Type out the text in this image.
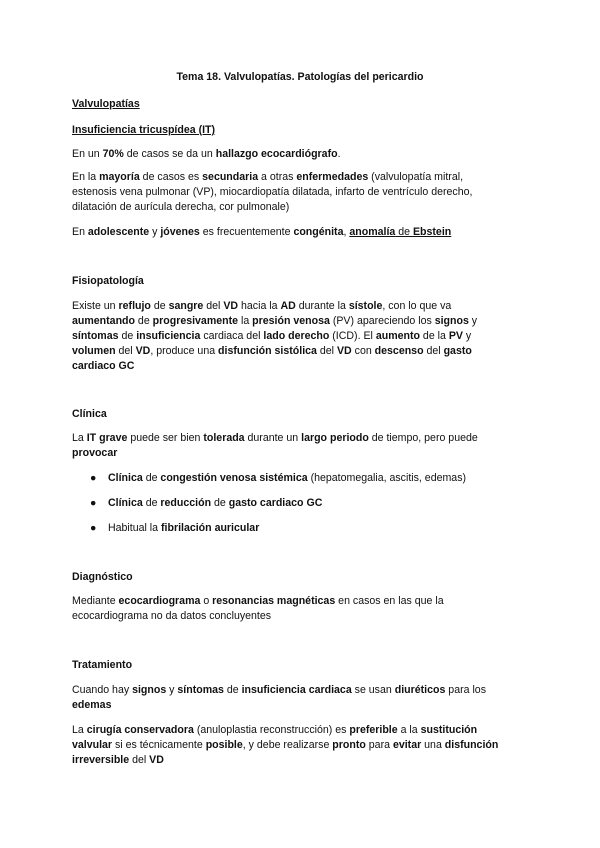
Tema 18. Valvulopatías. Patologías del pericardio
Valvulopatías
Insuficiencia tricuspídea (IT)

En un 70% de casos se da un hallazgo ecocardiógrafo.

En la mayoría de casos es secundaria a otras enfermedades (valvulopatía mitral, estenosis vena pulmonar (VP), miocardiopatía dilatada, infarto de ventrículo derecho, dilatación de aurícula derecha, cor pulmonale)

En adolescente y jóvenes es frecuentemente congénita, anomalía de Ebstein

Fisiopatología

Existe un reflujo de sangre del VD hacia la AD durante la sístole, con lo que va aumentando de progresivamente la presión venosa (PV) apareciendo los signos y síntomas de insuficiencia cardiaca del lado derecho (ICD). El aumento de la PV y volumen del VD, produce una disfunción sistólica del VD con descenso del gasto cardiaco GC

Clínica

La IT grave puede ser bien tolerada durante un largo periodo de tiempo, pero puede provocar

● Clínica de congestión venosa sistémica (hepatomegalia, ascitis, edemas)
● Clínica de reducción de gasto cardiaco GC
● Habitual la fibrilación auricular
Diagnóstico

Mediante ecocardiograma o resonancias magnéticas en casos en las que la ecocardiograma no da datos concluyentes

Tratamiento

Cuando hay signos y síntomas de insuficiencia cardiaca se usan diuréticos para los edemas

La cirugía conservadora (anuloplastia reconstrucción) es preferible a la sustitución valvular si es técnicamente posible, y debe realizarse pronto para evitar una disfunción irreversible del VD
